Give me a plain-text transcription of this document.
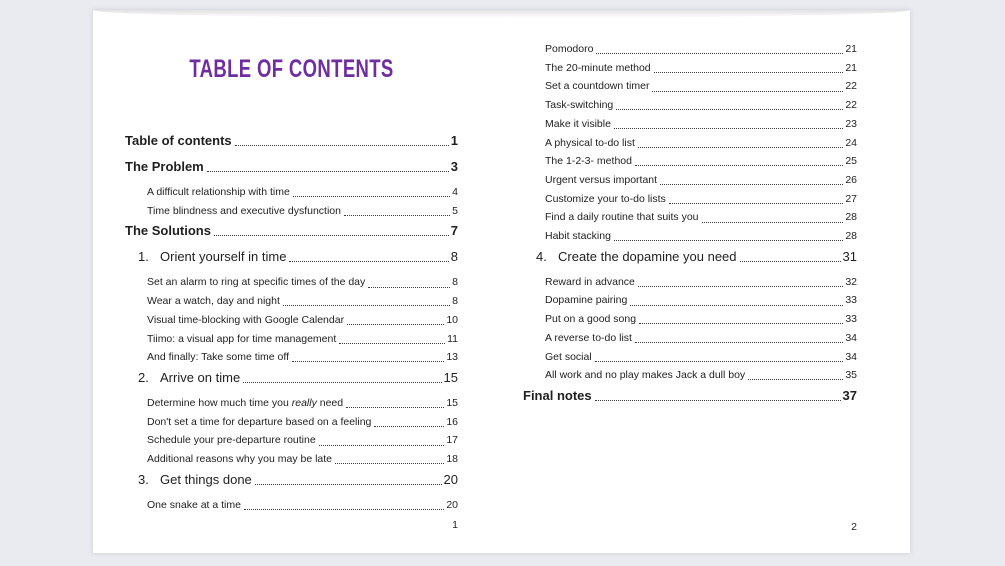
TABLE OF CONTENTS
Table of contents	1
The Problem	3
A difficult relationship with time	4
Time blindness and executive dysfunction	5
The Solutions	7
1. Orient yourself in time	8
Set an alarm to ring at specific times of the day	8
Wear a watch, day and night	8
Visual time-blocking with Google Calendar	10
Tiimo: a visual app for time management	11
And finally: Take some time off	13
2. Arrive on time	15
Determine how much time you really need	15
Don't set a time for departure based on a feeling	16
Schedule your pre-departure routine	17
Additional reasons why you may be late	18
3. Get things done	20
One snake at a time	20
Pomodoro	21
The 20-minute method	21
Set a countdown timer	22
Task-switching	22
Make it visible	23
A physical to-do list	24
The 1-2-3- method	25
Urgent versus important	26
Customize your to-do lists	27
Find a daily routine that suits you	28
Habit stacking	28
4. Create the dopamine you need	31
Reward in advance	32
Dopamine pairing	33
Put on a good song	33
A reverse to-do list	34
Get social	34
All work and no play makes Jack a dull boy	35
Final notes	37
1	2
